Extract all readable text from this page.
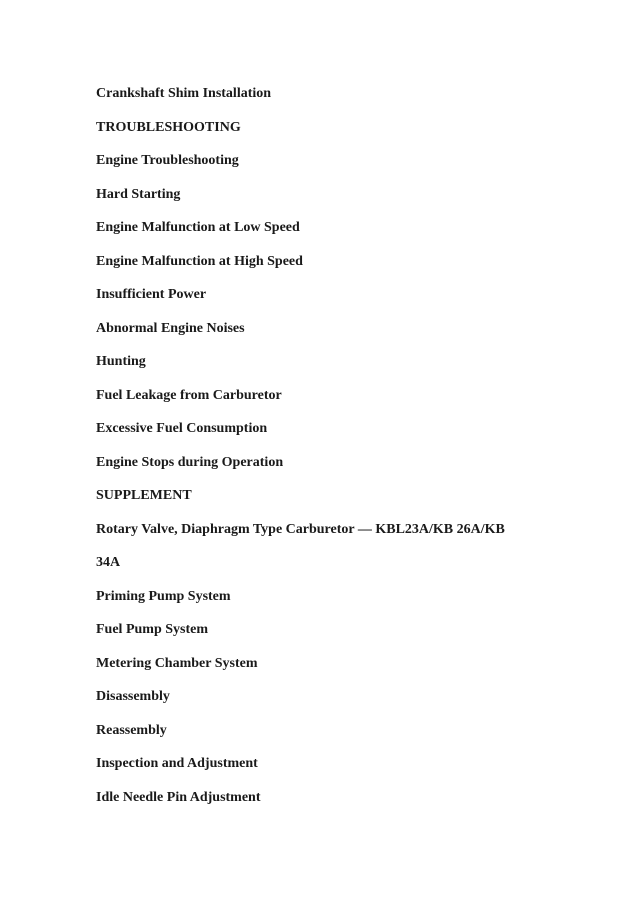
Crankshaft Shim Installation
TROUBLESHOOTING
Engine Troubleshooting
Hard Starting
Engine Malfunction at Low Speed
Engine Malfunction at High Speed
Insufficient Power
Abnormal Engine Noises
Hunting
Fuel Leakage from Carburetor
Excessive Fuel Consumption
Engine Stops during Operation
SUPPLEMENT
Rotary Valve, Diaphragm Type Carburetor — KBL23A/KB 26A/KB
34A
Priming Pump System
Fuel Pump System
Metering Chamber System
Disassembly
Reassembly
Inspection and Adjustment
Idle Needle Pin Adjustment
